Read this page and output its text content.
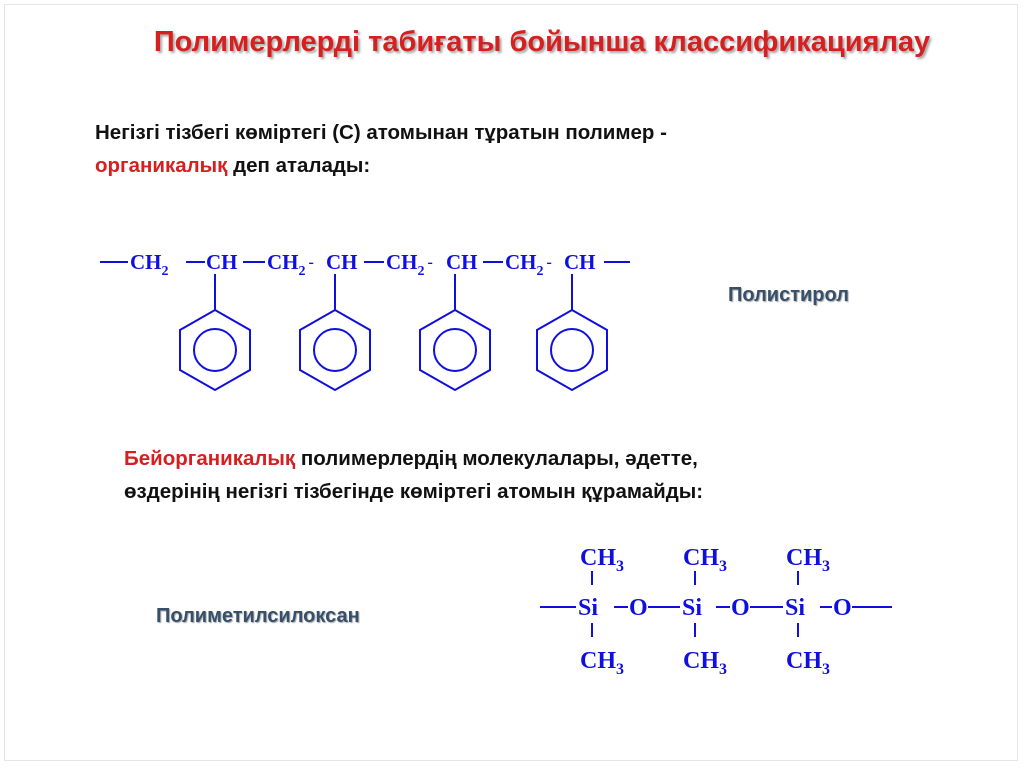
Полимерлерді табиғаты бойынша классификациялау
Негізгі тізбегі көміртегі (С) атомынан тұратын полимер -
органикалық деп аталады:
$CH_2$ CH $CH_2^-$ CH $CH_2^-$ CH $CH_2^-$ CH
Полистирол
Бейорганикалық полимерлердің молекулалары, әдетте,
өздерінің негізгі тізбегінде көміртегі атомын құрамайды:
$CH_3$ $CH_3$ $CH_3$
Si O Si O Si O
$CH_3$ $CH_3$ $CH_3$
Полиметилсилоксан
